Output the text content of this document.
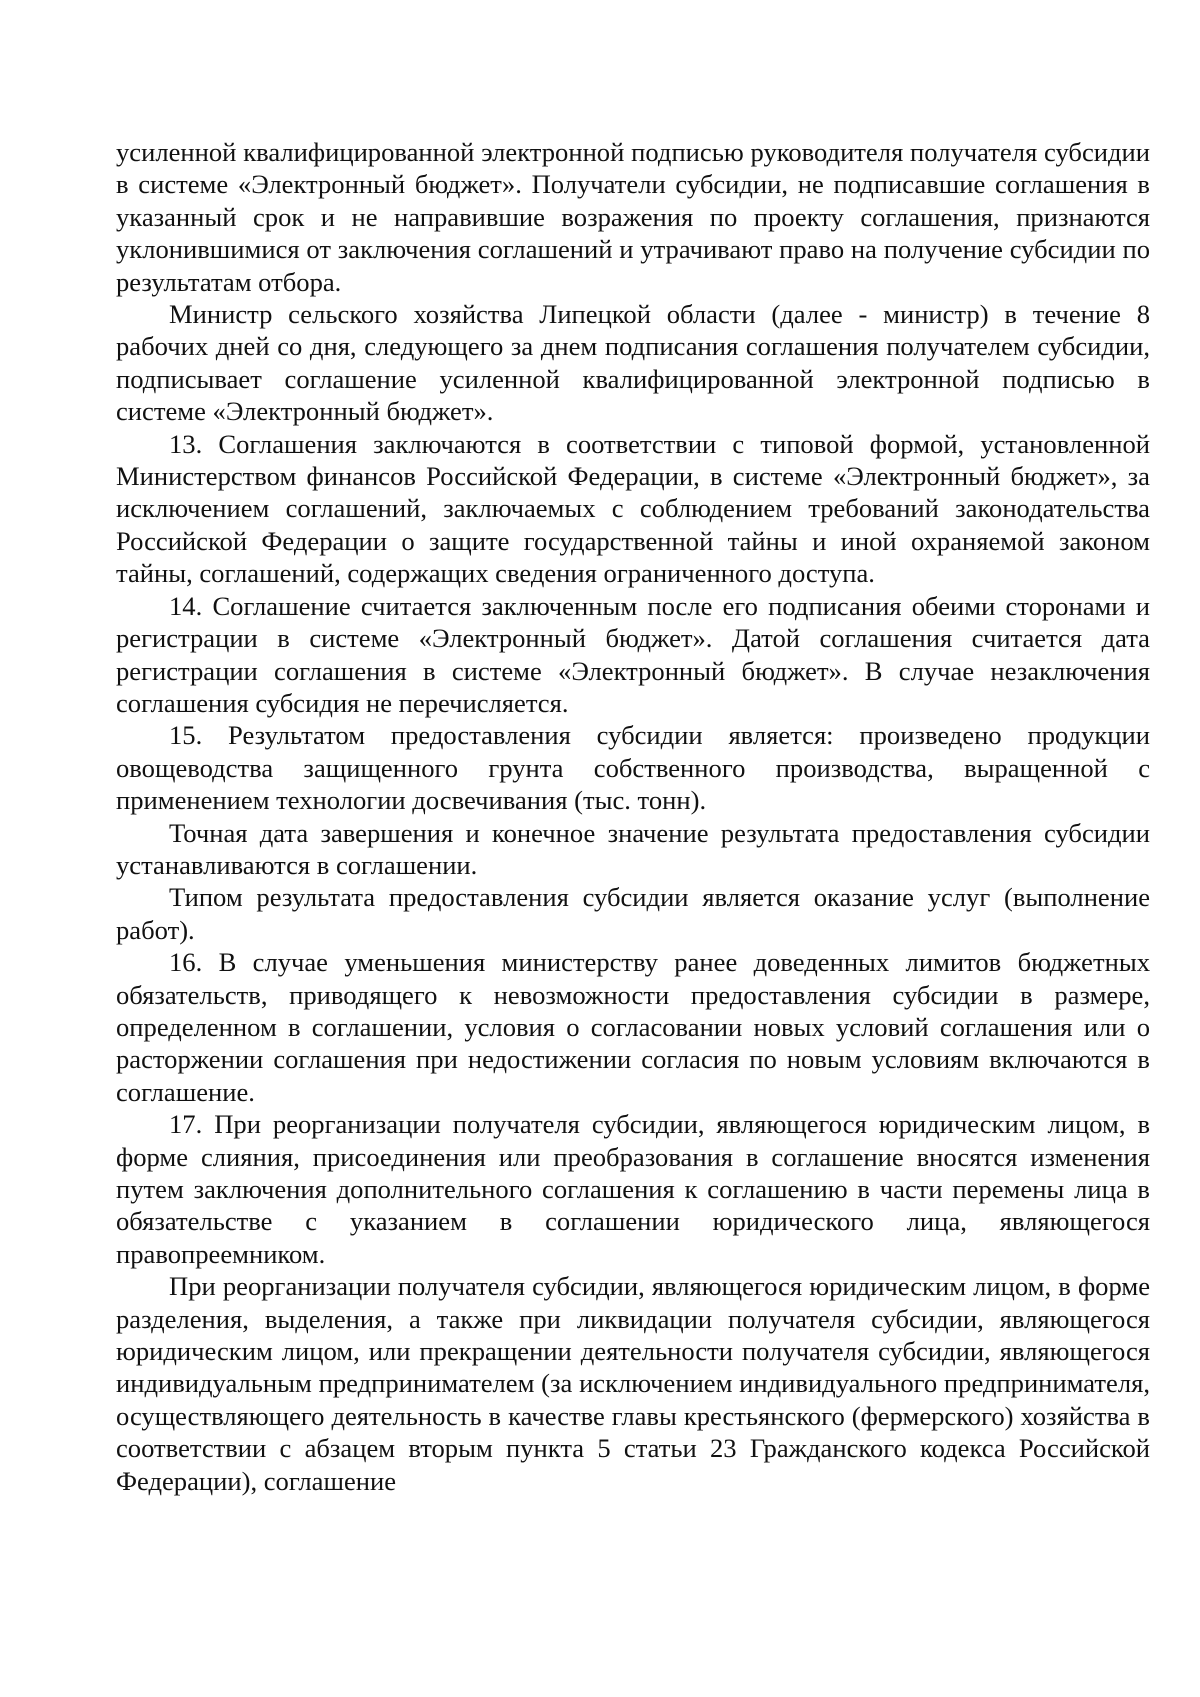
усиленной квалифицированной электронной подписью руководителя получателя субсидии в системе «Электронный бюджет». Получатели субсидии, не подписавшие соглашения в указанный срок и не направившие возражения по проекту соглашения, признаются уклонившимися от заключения соглашений и утрачивают право на получение субсидии по результатам отбора.

Министр сельского хозяйства Липецкой области (далее - министр) в течение 8 рабочих дней со дня, следующего за днем подписания соглашения получателем субсидии, подписывает соглашение усиленной квалифицированной электронной подписью в системе «Электронный бюджет».

13. Соглашения заключаются в соответствии с типовой формой, установленной Министерством финансов Российской Федерации, в системе «Электронный бюджет», за исключением соглашений, заключаемых с соблюдением требований законодательства Российской Федерации о защите государственной тайны и иной охраняемой законом тайны, соглашений, содержащих сведения ограниченного доступа.

14. Соглашение считается заключенным после его подписания обеими сторонами и регистрации в системе «Электронный бюджет». Датой соглашения считается дата регистрации соглашения в системе «Электронный бюджет». В случае незаключения соглашения субсидия не перечисляется.

15. Результатом предоставления субсидии является: произведено продукции овощеводства защищенного грунта собственного производства, выращенной с применением технологии досвечивания (тыс. тонн).

Точная дата завершения и конечное значение результата предоставления субсидии устанавливаются в соглашении.

Типом результата предоставления субсидии является оказание услуг (выполнение работ).

16. В случае уменьшения министерству ранее доведенных лимитов бюджетных обязательств, приводящего к невозможности предоставления субсидии в размере, определенном в соглашении, условия о согласовании новых условий соглашения или о расторжении соглашения при недостижении согласия по новым условиям включаются в соглашение.

17. При реорганизации получателя субсидии, являющегося юридическим лицом, в форме слияния, присоединения или преобразования в соглашение вносятся изменения путем заключения дополнительного соглашения к соглашению в части перемены лица в обязательстве с указанием в соглашении юридического лица, являющегося правопреемником.

При реорганизации получателя субсидии, являющегося юридическим лицом, в форме разделения, выделения, а также при ликвидации получателя субсидии, являющегося юридическим лицом, или прекращении деятельности получателя субсидии, являющегося индивидуальным предпринимателем (за исключением индивидуального предпринимателя, осуществляющего деятельность в качестве главы крестьянского (фермерского) хозяйства в соответствии с абзацем вторым пункта 5 статьи 23 Гражданского кодекса Российской Федерации), соглашение
